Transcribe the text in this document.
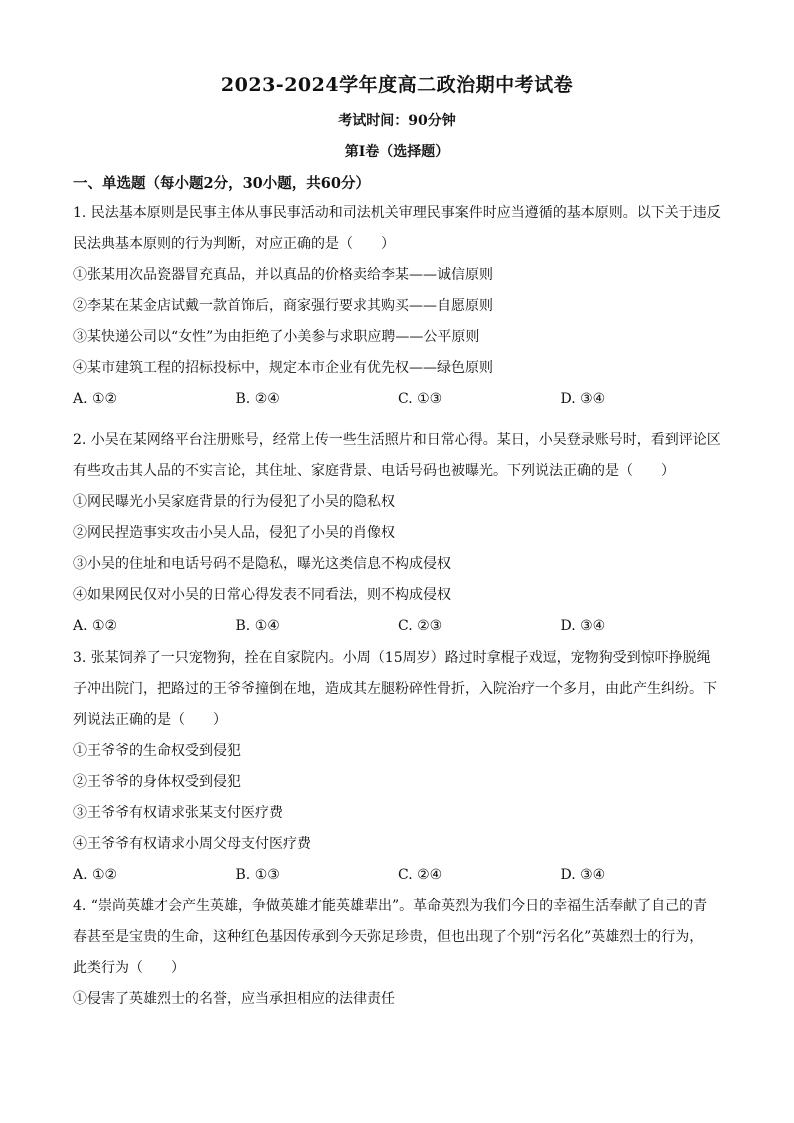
2023-2024学年度高二政治期中考试卷
考试时间：90分钟
第I卷（选择题）
一、单选题（每小题2分，30小题，共60分）

1. 民法基本原则是民事主体从事民事活动和司法机关审理民事案件时应当遵循的基本原则。以下关于违反

民法典基本原则的行为判断，对应正确的是（　　）

①张某用次品瓷器冒充真品，并以真品的价格卖给李某——诚信原则

②李某在某金店试戴一款首饰后，商家强行要求其购买——自愿原则

③某快递公司以“女性”为由拒绝了小美参与求职应聘——公平原则

④某市建筑工程的招标投标中，规定本市企业有优先权——绿色原则

A. ①②	B. ②④	C. ①③	D. ③④

2. 小吴在某网络平台注册账号，经常上传一些生活照片和日常心得。某日，小吴登录账号时，看到评论区

有些攻击其人品的不实言论，其住址、家庭背景、电话号码也被曝光。下列说法正确的是（　　）

①网民曝光小吴家庭背景的行为侵犯了小吴的隐私权

②网民捏造事实攻击小吴人品，侵犯了小吴的肖像权

③小吴的住址和电话号码不是隐私，曝光这类信息不构成侵权

④如果网民仅对小吴的日常心得发表不同看法，则不构成侵权

A. ①②	B. ①④	C. ②③	D. ③④

3. 张某饲养了一只宠物狗，拴在自家院内。小周（15周岁）路过时拿棍子戏逗，宠物狗受到惊吓挣脱绳

子冲出院门，把路过的王爷爷撞倒在地，造成其左腿粉碎性骨折，入院治疗一个多月，由此产生纠纷。下

列说法正确的是（　　）

①王爷爷的生命权受到侵犯

②王爷爷的身体权受到侵犯

③王爷爷有权请求张某支付医疗费

④王爷爷有权请求小周父母支付医疗费

A. ①②	B. ①③	C. ②④	D. ③④

4. “崇尚英雄才会产生英雄，争做英雄才能英雄辈出”。革命英烈为我们今日的幸福生活奉献了自己的青

春甚至是宝贵的生命，这种红色基因传承到今天弥足珍贵，但也出现了个别“污名化”英雄烈士的行为，

此类行为（　　）

①侵害了英雄烈士的名誉，应当承担相应的法律责任
